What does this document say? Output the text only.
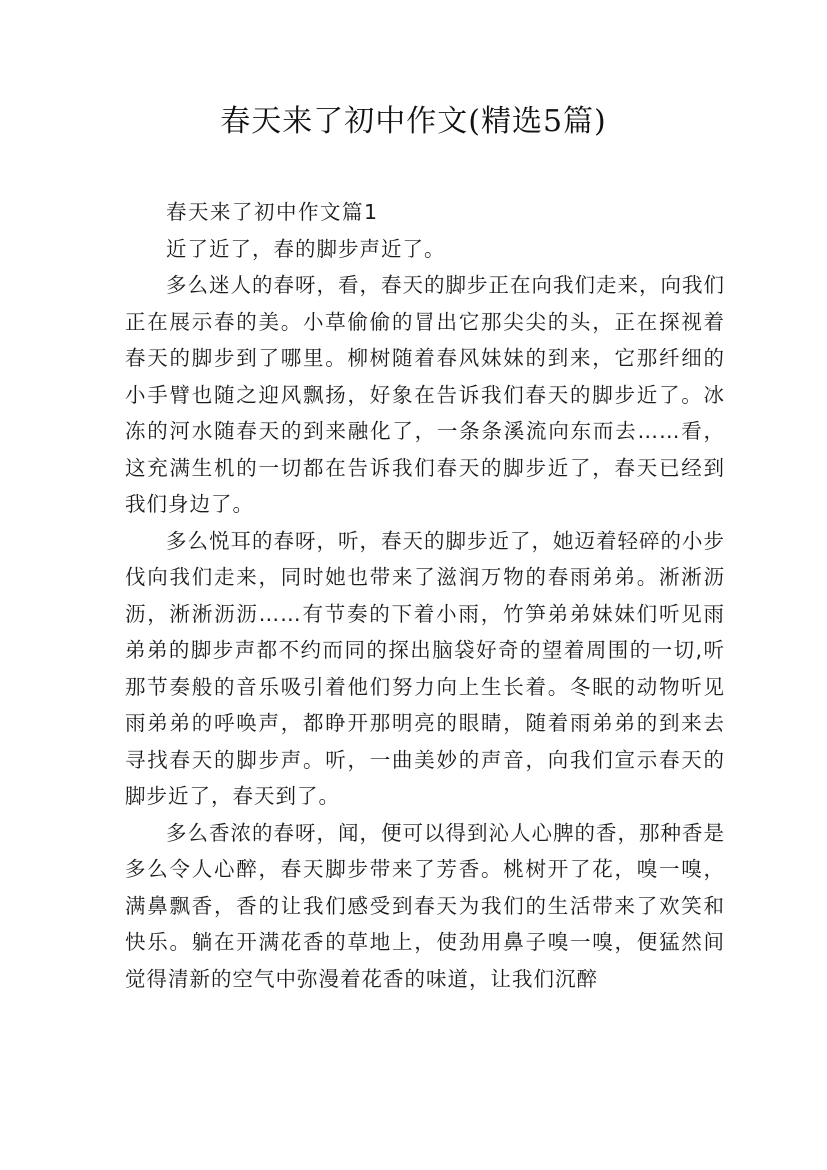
春天来了初中作文(精选5篇)

春天来了初中作文篇1

近了近了，春的脚步声近了。

多么迷人的春呀，看，春天的脚步正在向我们走来，向我们正在展示春的美。小草偷偷的冒出它那尖尖的头，正在探视着春天的脚步到了哪里。柳树随着春风妹妹的到来，它那纤细的小手臂也随之迎风飘扬，好象在告诉我们春天的脚步近了。冰冻的河水随春天的到来融化了，一条条溪流向东而去……看，这充满生机的一切都在告诉我们春天的脚步近了，春天已经到我们身边了。

多么悦耳的春呀，听，春天的脚步近了，她迈着轻碎的小步伐向我们走来，同时她也带来了滋润万物的春雨弟弟。淅淅沥沥，淅淅沥沥……有节奏的下着小雨，竹笋弟弟妹妹们听见雨弟弟的脚步声都不约而同的探出脑袋好奇的望着周围的一切,听那节奏般的音乐吸引着他们努力向上生长着。冬眠的动物听见雨弟弟的呼唤声，都睁开那明亮的眼睛，随着雨弟弟的到来去寻找春天的脚步声。听，一曲美妙的声音，向我们宣示春天的脚步近了，春天到了。

多么香浓的春呀，闻，便可以得到沁人心脾的香，那种香是多么令人心醉，春天脚步带来了芳香。桃树开了花，嗅一嗅，满鼻飘香，香的让我们感受到春天为我们的生活带来了欢笑和快乐。躺在开满花香的草地上，使劲用鼻子嗅一嗅，便猛然间觉得清新的空气中弥漫着花香的味道，让我们沉醉
